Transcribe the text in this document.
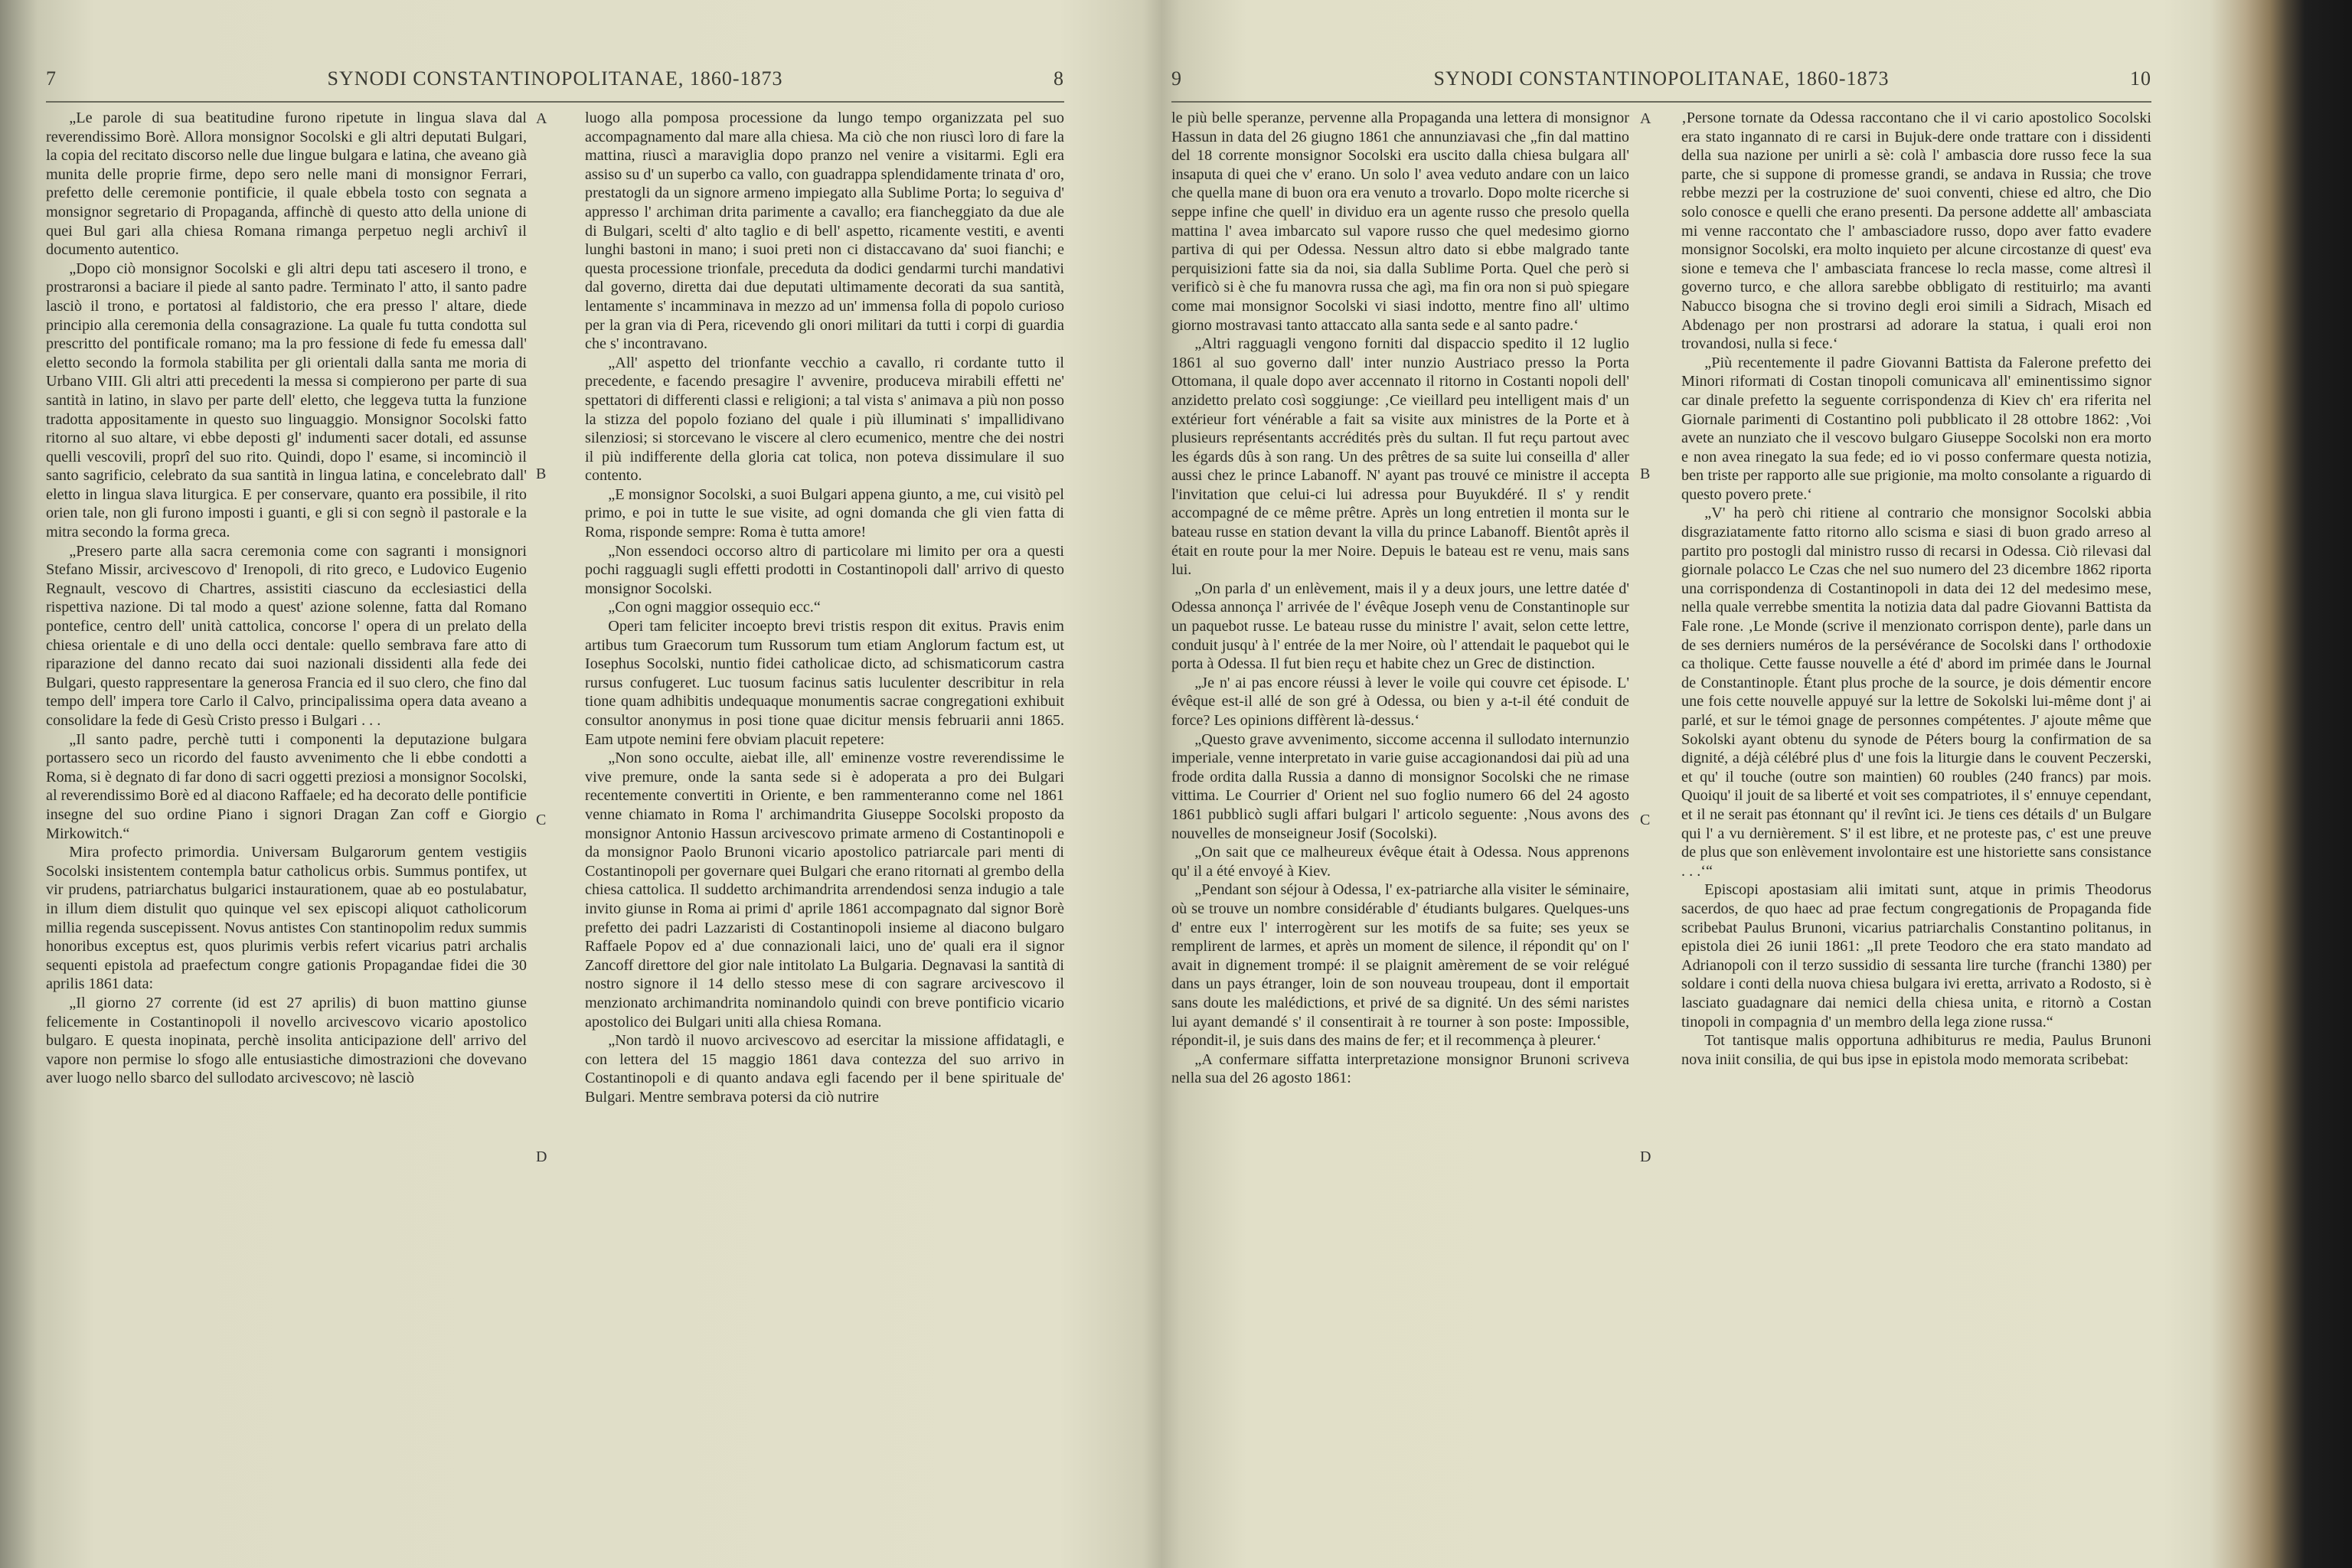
7	SYNODI CONSTANTINOPOLITANAE, 1860-1873	8

„Le parole di sua beatitudine furono ripetute in lingua slava dal reverendissimo Borè. Allora monsignor Socolski e gli altri deputati Bulgari, la copia del recitato discorso nelle due lingue bulgara e latina, che aveano già munita delle proprie firme, depo sero nelle mani di monsignor Ferrari, prefetto delle ceremonie pontificie, il quale ebbela tosto con segnata a monsignor segretario di Propaganda, affinchè di questo atto della unione di quei Bul gari alla chiesa Romana rimanga perpetuo negli archivî il documento autentico.

„Dopo ciò monsignor Socolski e gli altri depu tati ascesero il trono, e prostraronsi a baciare il piede al santo padre. Terminato l' atto, il santo padre lasciò il trono, e portatosi al faldistorio, che era presso l' altare, diede principio alla ceremonia della consagrazione. La quale fu tutta condotta sul prescritto del pontificale romano; ma la pro fessione di fede fu emessa dall' eletto secondo la formola stabilita per gli orientali dalla santa me moria di Urbano VIII. Gli altri atti precedenti la messa si compierono per parte di sua santità in latino, in slavo per parte dell' eletto, che leggeva tutta la funzione tradotta appositamente in questo suo linguaggio. Monsignor Socolski fatto ritorno al suo altare, vi ebbe deposti gl' indumenti sacer dotali, ed assunse quelli vescovili, proprî del suo rito. Quindi, dopo l' esame, si incominciò il santo sagrificio, celebrato da sua santità in lingua latina, e concelebrato dall' eletto in lingua slava liturgica. E per conservare, quanto era possibile, il rito orien tale, non gli furono imposti i guanti, e gli si con segnò il pastorale e la mitra secondo la forma greca.

„Presero parte alla sacra ceremonia come con sagranti i monsignori Stefano Missir, arcivescovo d' Irenopoli, di rito greco, e Ludovico Eugenio Regnault, vescovo di Chartres, assistiti ciascuno da ecclesiastici della rispettiva nazione. Di tal modo a quest' azione solenne, fatta dal Romano pontefice, centro dell' unità cattolica, concorse l' opera di un prelato della chiesa orientale e di uno della occi dentale: quello sembrava fare atto di riparazione del danno recato dai suoi nazionali dissidenti alla fede dei Bulgari, questo rappresentare la generosa Francia ed il suo clero, che fino dal tempo dell' impera tore Carlo il Calvo, principalissima opera data aveano a consolidare la fede di Gesù Cristo presso i Bulgari . . .

„Il santo padre, perchè tutti i componenti la deputazione bulgara portassero seco un ricordo del fausto avvenimento che li ebbe condotti a Roma, si è degnato di far dono di sacri oggetti preziosi a monsignor Socolski, al reverendissimo Borè ed al diacono Raffaele; ed ha decorato delle pontificie insegne del suo ordine Piano i signori Dragan Zan coff e Giorgio Mirkowitch.“

Mira profecto primordia. Universam Bulgarorum gentem vestigiis Socolski insistentem contempla batur catholicus orbis. Summus pontifex, ut vir prudens, patriarchatus bulgarici instaurationem, quae ab eo postulabatur, in illum diem distulit quo quinque vel sex episcopi aliquot catholicorum millia regenda suscepissent. Novus antistes Con stantinopolim redux summis honoribus exceptus est, quos plurimis verbis refert vicarius patri archalis sequenti epistola ad praefectum congre gationis Propagandae fidei die 30 aprilis 1861 data:

„Il giorno 27 corrente (id est 27 aprilis) di buon mattino giunse felicemente in Costantinopoli il novello arcivescovo vicario apostolico bulgaro. E questa inopinata, perchè insolita anticipazione dell' arrivo del vapore non permise lo sfogo alle entusiastiche dimostrazioni che dovevano aver luogo nello sbarco del sullodato arcivescovo; nè lasciò

A
B
C
D

luogo alla pomposa processione da lungo tempo organizzata pel suo accompagnamento dal mare alla chiesa. Ma ciò che non riuscì loro di fare la mattina, riuscì a maraviglia dopo pranzo nel venire a visitarmi. Egli era assiso su d' un superbo ca vallo, con guadrappa splendidamente trinata d' oro, prestatogli da un signore armeno impiegato alla Sublime Porta; lo seguiva d' appresso l' archiman drita parimente a cavallo; era fiancheggiato da due alе di Bulgari, scelti d' alto taglio e di bell' aspetto, ricamente vestiti, e aventi lunghi bastoni in mano; i suoi preti non ci distaccavano da' suoi fianchi; e questa processione trionfale, preceduta da dodici gendarmi turchi mandativi dal governo, diretta dai due deputati ultimamente decorati da sua santità, lentamente s' incamminava in mezzo ad un' immensa folla di popolo curioso per la gran via di Pera, ricevendo gli onori militari da tutti i corpi di guardia che s' incontravano.

„All' aspetto del trionfante vecchio a cavallo, ri cordante tutto il precedente, e facendo presagire l' avvenire, produceva mirabili effetti ne' spettatori di differenti classi e religioni; a tal vista s' animava a più non posso la stizza del popolo foziano del quale i più illuminati s' impallidivano silenziosi; si storcevano le viscere al clero ecumenico, mentre che dei nostri il più indifferente della gloria cat tolica, non poteva dissimulare il suo contento.

„E monsignor Socolski, a suoi Bulgari appena giunto, a me, cui visitò pel primo, e poi in tutte le sue visite, ad ogni domanda che gli vien fatta di Roma, risponde sempre: Roma è tutta amore!

„Non essendoci occorso altro di particolare mi limito per ora a questi pochi ragguagli sugli effetti prodotti in Costantinopoli dall' arrivo di questo monsignor Socolski.

„Con ogni maggior ossequio ecc.“

Operi tam feliciter incoepto brevi tristis respon dit exitus. Pravis enim artibus tum Graecorum tum Russorum tum etiam Anglorum factum est, ut Iosephus Socolski, nuntio fidei catholicae dicto, ad schismaticorum castra rursus confugeret. Luc tuosum facinus satis luculenter describitur in rela tione quam adhibitis undequaque monumentis sacrae congregationi exhibuit consultor anonymus in posi tione quae dicitur mensis februarii anni 1865. Eam utpote nemini fere obviam placuit repetere:

„Non sono occulte, aiebat ille, all' eminenze vostre reverendissime le vive premure, onde la santa sede si è adoperata a pro dei Bulgari recentemente convertiti in Oriente, e ben rammenteranno come nel 1861 venne chiamato in Roma l' archimandrita Giuseppe Socolski proposto da monsignor Antonio Hassun arcivescovo primate armeno di Costantinopoli e da monsignor Paolo Brunoni vicario apostolico patriarcale pari menti di Costantinopoli per governare quei Bulgari che erano ritornati al grembo della chiesa cattolica. Il suddetto archimandrita arrendendosi senza indugio a tale invito giunse in Roma ai primi d' aprile 1861 accompagnato dal signor Borè prefetto dei padri Lazzaristi di Costantinopoli insieme al diacono bulgaro Raffaele Popov ed a' due connazionali laici, uno de' quali era il signor Zancoff direttore del gior nale intitolato La Bulgaria. Degnavasi la santità di nostro signore il 14 dello stesso mese di con sagrare arcivescovo il menzionato archimandrita nominandolo quindi con breve pontificio vicario apostolico dei Bulgari uniti alla chiesa Romana.

„Non tardò il nuovo arcivescovo ad esercitar la missione affidatagli, e con lettera del 15 maggio 1861 dava contezza del suo arrivo in Costantinopoli e di quanto andava egli facendo per il bene spirituale de' Bulgari. Mentre sembrava potersi da ciò nutrire

9	SYNODI CONSTANTINOPOLITANAE, 1860-1873	10

le più belle speranze, pervenne alla Propaganda una lettera di monsignor Hassun in data del 26 giugno 1861 che annunziavasi che „fin dal mattino del 18 corrente monsignor Socolski era uscito dalla chiesa bulgara all' insaputa di quei che v' erano. Un solo l' avea veduto andare con un laico che quella mane di buon ora era venuto a trovarlo. Dopo molte ricerche si seppe infine che quell' in dividuo era un agente russo che presolo quella mattina l' avea imbarcato sul vapore russo che quel medesimo giorno partiva di qui per Odessa. Nessun altro dato si ebbe malgrado tante perquisizioni fatte sia da noi, sia dalla Sublime Porta. Quel che però si verificò si è che fu manovra russa che agì, ma fin ora non si può spiegare come mai monsignor Socolski vi siasi indotto, mentre fino all' ultimo giorno mostravasi tanto attaccato alla santa sede e al santo padre.‘

„Altri ragguagli vengono forniti dal dispaccio spedito il 12 luglio 1861 al suo governo dall' inter nunzio Austriaco presso la Porta Ottomana, il quale dopo aver accennato il ritorno in Costanti nopoli dell' anzidetto prelato così soggiunge: ‚Ce vieillard peu intelligent mais d' un extérieur fort vénérable a fait sa visite aux ministres de la Porte et à plusieurs représentants accrédités près du sultan. Il fut reçu partout avec les égards dûs à son rang. Un des prêtres de sa suite lui conseilla d' aller aussi chez le prince Labanoff. N' ayant pas trouvé ce ministre il accepta l'invitation que celui-ci lui adressa pour Buyukdéré. Il s' y rendit accompagné de ce même prêtre. Après un long entretien il monta sur le bateau russe en station devant la villa du prince Labanoff. Bientôt après il était en route pour la mer Noire. Depuis le bateau est re venu, mais sans lui.

„On parla d' un enlèvement, mais il y a deux jours, une lettre datée d' Odessa annonça l' arrivée de l' évêque Joseph venu de Constantinople sur un paquebot russe. Le bateau russe du ministre l' avait, selon cette lettre, conduit jusqu' à l' entrée de la mer Noire, où l' attendait le paquebot qui le porta à Odessa. Il fut bien reçu et habite chez un Grec de distinction.

„Je n' ai pas encore réussi à lever le voile qui couvre cet épisode. L' évêque est-il allé de son gré à Odessa, ou bien y a-t-il été conduit de force? Les opinions diffèrent là-dessus.‘

„Questo grave avvenimento, siccome accenna il sullodato internunzio imperiale, venne interpretato in varie guise accagionandosi dai più ad una frode ordita dalla Russia a danno di monsignor Socolski che ne rimase vittima. Le Courrier d' Orient nel suo foglio numero 66 del 24 agosto 1861 pubblicò sugli affari bulgari l' articolo seguente: ‚Nous avons des nouvelles de monseigneur Josif (Socolski).

„On sait que ce malheureux évêque était à Odessa. Nous apprenons qu' il a été envoyé à Kiev.

„Pendant son séjour à Odessa, l' ex-patriarche alla visiter le séminaire, où se trouve un nombre considérable d' étudiants bulgares. Quelques-uns d' entre eux l' interrogèrent sur les motifs de sa fuite; ses yeux se remplirent de larmes, et après un moment de silence, il répondit qu' on l' avait in dignement trompé: il se plaignit amèrement de se voir relégué dans un pays étranger, loin de son nouveau troupeau, dont il emportait sans doute les malédictions, et privé de sa dignité. Un des sémi naristes lui ayant demandé s' il consentirait à re tourner à son poste: Impossible, répondit-il, je suis dans des mains de fer; et il recommença à pleurer.‘

„A confermare siffatta interpretazione monsignor Brunoni scriveva nella sua del 26 agosto 1861:

A
B
C
D

‚Persone tornate da Odessa raccontano che il vi cario apostolico Socolski era stato ingannato di re carsi in Bujuk-dere onde trattare con i dissidenti della sua nazione per unirli a sè: colà l' ambascia dore russo fece la sua parte, che si suppone di promesse grandi, se andava in Russia; che trove rebbe mezzi per la costruzione de' suoi conventi, chiese ed altro, che Dio solo conosce e quelli che erano presenti. Da persone addette all' ambasciata mi venne raccontato che l' ambasciadore russo, dopo aver fatto evadere monsignor Socolski, era molto inquieto per alcune circostanze di quest' eva sione e temeva che l' ambasciata francese lo recla masse, come altresì il governo turco, e che allora sarebbe obbligato di restituirlo; ma avanti Nabucco bisogna che si trovino degli eroi simili a Sidrach, Misach ed Abdenago per non prostrarsi ad adorare la statua, i quali eroi non trovandosi, nulla si fece.‘

„Più recentemente il padre Giovanni Battista da Falerone prefetto dei Minori riformati di Costan tinopoli comunicava all' eminentissimo signor car dinale prefetto la seguente corrispondenza di Kiev ch' era riferita nel Giornale parimenti di Costantino poli pubblicato il 28 ottobre 1862: ‚Voi avete an nunziato che il vescovo bulgaro Giuseppe Socolski non era morto e non avea rinegato la sua fede; ed io vi posso confermare questa notizia, ben triste per rapporto alle sue prigionie, ma molto consolante a riguardo di questo povero prete.‘

„V' ha però chi ritiene al contrario che monsignor Socolski abbia disgraziatamente fatto ritorno allo scisma e siasi di buon grado arreso al partito pro postogli dal ministro russo di recarsi in Odessa. Ciò rilevasi dal giornale polacco Le Czas che nel suo numero del 23 dicembre 1862 riporta una corrispondenza di Costantinopoli in data dei 12 del medesimo mese, nella quale verrebbe smentita la notizia data dal padre Giovanni Battista da Fale rone. ‚Le Monde (scrive il menzionato corrispon dente), parle dans un de ses derniers numéros de la persévérance de Socolski dans l' orthodoxie ca tholique. Cette fausse nouvelle a été d' abord im primée dans le Journal de Constantinople. Étant plus proche de la source, je dois démentir encore une fois cette nouvelle appuyé sur la lettre de Sokolski lui-même dont j' ai parlé, et sur le témoi gnage de personnes compétentes. J' ajoute même que Sokolski ayant obtenu du synode de Péters bourg la confirmation de sa dignité, a déjà célébré plus d' une fois la liturgie dans le couvent Peczerski, et qu' il touche (outre son maintien) 60 roubles (240 francs) par mois. Quoiqu' il jouit de sa liberté et voit ses compatriotes, il s' ennuye cependant, et il ne serait pas étonnant qu' il revînt ici. Je tiens ces détails d' un Bulgare qui l' a vu dernièrement. S' il est libre, et ne proteste pas, c' est une preuve de plus que son enlèvement involontaire est une historiette sans consistance . . .‘“

Episcopi apostasiam alii imitati sunt, atque in primis Theodorus sacerdos, de quo haec ad prae fectum congregationis de Propaganda fide scribebat Paulus Brunoni, vicarius patriarchalis Constantino politanus, in epistola diei 26 iunii 1861: „Il prete Teodoro che era stato mandato ad Adrianopoli con il terzo sussidio di sessanta lire turche (franchi 1380) per soldare i conti della nuova chiesa bulgara ivi eretta, arrivato a Rodosto, si è lasciato guadagnare dai nemici della chiesa unita, e ritornò a Costan tinopoli in compagnia d' un membro della lega zione russa.“

Tot tantisque malis opportuna adhibiturus re media, Paulus Brunoni nova iniit consilia, de qui bus ipse in epistola modo memorata scribebat:
